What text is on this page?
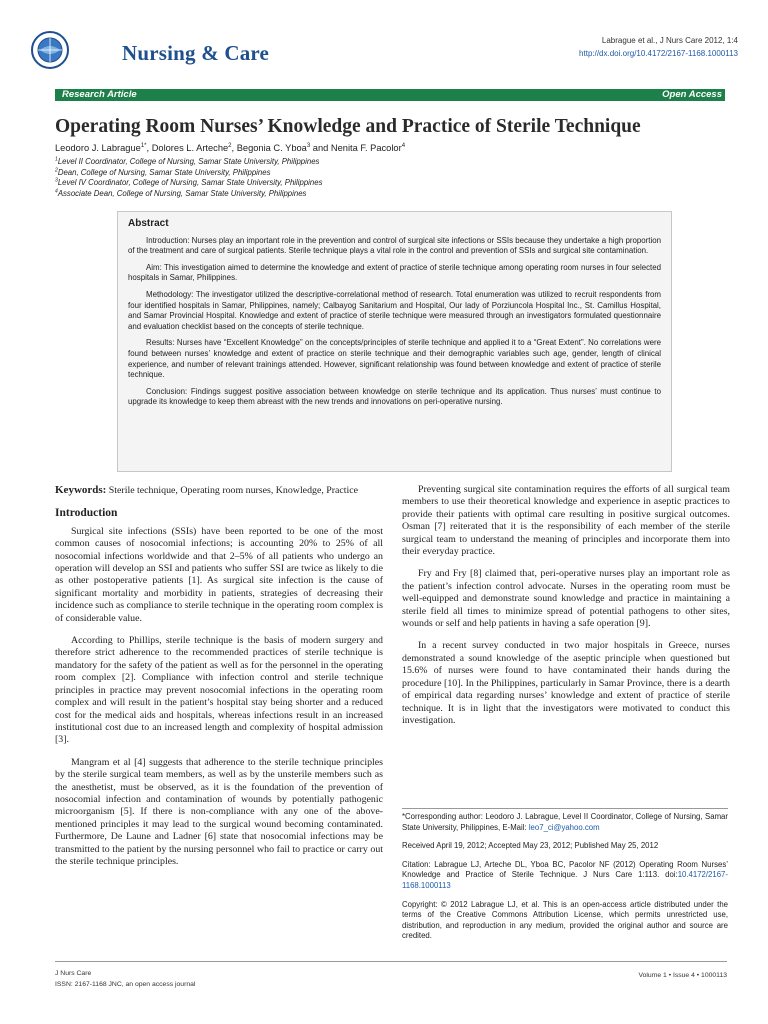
Nursing & Care
Labrague et al., J Nurs Care 2012, 1:4
http://dx.doi.org/10.4172/2167-1168.1000113
Research Article	Open Access
Operating Room Nurses’ Knowledge and Practice of Sterile Technique
Leodoro J. Labrague$^{1*}$, Dolores L. Arteche$^2$, Begonia C. Yboa$^3$ and Nenita F. Pacolor$^4$
$^1$Level II Coordinator, College of Nursing, Samar State University, Philippines
$^2$Dean, College of Nursing, Samar State University, Philippines
$^3$Level IV Coordinator, College of Nursing, Samar State University, Philippines
$^4$Associate Dean, College of Nursing, Samar State University, Philippines
Abstract

Introduction: Nurses play an important role in the prevention and control of surgical site infections or SSIs because they undertake a high proportion of the treatment and care of surgical patients. Sterile technique plays a vital role in the control and prevention of SSIs and surgical site contamination.

Aim: This investigation aimed to determine the knowledge and extent of practice of sterile technique among operating room nurses in four selected hospitals in Samar, Philippines.

Methodology: The investigator utilized the descriptive-correlational method of research. Total enumeration was utilized to recruit respondents from four identified hospitals in Samar, Philippines, namely; Calbayog Sanitarium and Hospital, Our lady of Porziuncola Hospital Inc., St. Camillus Hospital, and Samar Provincial Hospital. Knowledge and extent of practice of sterile technique were measured through an investigators formulated questionnaire and evaluation checklist based on the concepts of sterile technique.

Results: Nurses have “Excellent Knowledge” on the concepts/principles of sterile technique and applied it to a “Great Extent”. No correlations were found between nurses’ knowledge and extent of practice on sterile technique and their demographic variables such age, gender, length of clinical experience, and number of relevant trainings attended. However, significant relationship was found between knowledge and extent of practice of sterile technique.

Conclusion: Findings suggest positive association between knowledge on sterile technique and its application. Thus nurses’ must continue to upgrade its knowledge to keep them abreast with the new trends and innovations on peri-operative nursing.

Keywords: Sterile technique, Operating room nurses, Knowledge, Practice

Introduction

Surgical site infections (SSIs) have been reported to be one of the most common causes of nosocomial infections; is accounting 20% to 25% of all nosocomial infections worldwide and that 2–5% of all patients who undergo an operation will develop an SSI and patients who suffer SSI are twice as likely to die as other postoperative patients [1]. As surgical site infection is the cause of significant mortality and morbidity in patients, strategies of decreasing their incidence such as compliance to sterile technique in the operating room complex is of considerable value.

According to Phillips, sterile technique is the basis of modern surgery and therefore strict adherence to the recommended practices of sterile technique is mandatory for the safety of the patient as well as for the personnel in the operating room complex [2]. Compliance with infection control and sterile technique principles in practice may prevent nosocomial infections in the operating room complex and will result in the patient’s hospital stay being shorter and a reduced cost for the medical aids and hospitals, whereas infections result in an increased institutional cost due to an increased length and complexity of hospital admission [3].

Mangram et al [4] suggests that adherence to the sterile technique principles by the sterile surgical team members, as well as by the unsterile members such as the anesthetist, must be observed, as it is the foundation of the prevention of nosocomial infection and contamination of wounds by potentially pathogenic microorganism [5]. If there is non-compliance with any one of the above-mentioned principles it may lead to the surgical wound becoming contaminated. Furthermore, De Laune and Ladner [6] state that nosocomial infections may be transmitted to the patient by the nursing personnel who fail to practice or carry out the sterile technique principles.

Preventing surgical site contamination requires the efforts of all surgical team members to use their theoretical knowledge and experience in aseptic practices to provide their patients with optimal care resulting in positive surgical outcomes. Osman [7] reiterated that it is the responsibility of each member of the sterile surgical team to understand the meaning of principles and incorporate them into their everyday practice.

Fry and Fry [8] claimed that, peri-operative nurses play an important role as the patient’s infection control advocate. Nurses in the operating room must be well-equipped and demonstrate sound knowledge and practice in maintaining a sterile field all times to minimize spread of potential pathogens to other sites, wounds or self and help patients in having a safe operation [9].

In a recent survey conducted in two major hospitals in Greece, nurses demonstrated a sound knowledge of the aseptic principle when questioned but 15.6% of nurses were found to have contaminated their hands during the procedure [10]. In the Philippines, particularly in Samar Province, there is a dearth of empirical data regarding nurses’ knowledge and extent of practice of sterile technique. It is in light that the investigators were motivated to conduct this investigation.

*Corresponding author: Leodoro J. Labrague, Level II Coordinator, College of Nursing, Samar State University, Philippines, E-Mail: leo7_ci@yahoo.com

Received April 19, 2012; Accepted May 23, 2012; Published May 25, 2012

Citation: Labrague LJ, Arteche DL, Yboa BC, Pacolor NF (2012) Operating Room Nurses’ Knowledge and Practice of Sterile Technique. J Nurs Care 1:113. doi:10.4172/2167-1168.1000113

Copyright: © 2012 Labrague LJ, et al. This is an open-access article distributed under the terms of the Creative Commons Attribution License, which permits unrestricted use, distribution, and reproduction in any medium, provided the original author and source are credited.

J Nurs Care
ISSN: 2167-1168 JNC, an open access journal
Volume 1 • Issue 4 • 1000113
